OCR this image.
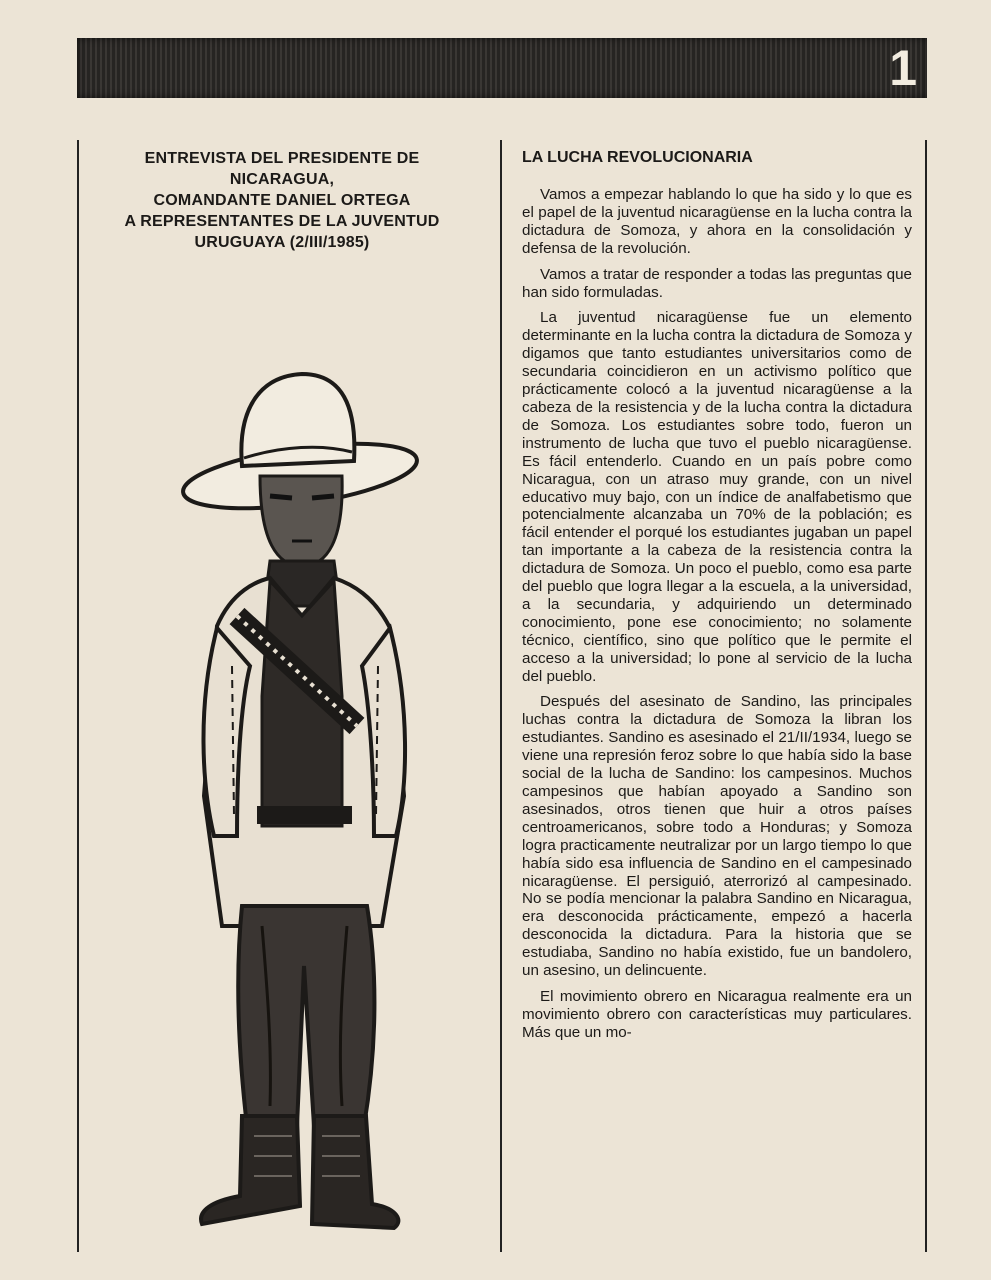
1
ENTREVISTA DEL PRESIDENTE DE
NICARAGUA,
COMANDANTE DANIEL ORTEGA
A REPRESENTANTES DE LA JUVENTUD
URUGUAYA (2/III/1985)
LA LUCHA REVOLUCIONARIA

Vamos a empezar hablando lo que ha sido y lo que es el papel de la juventud nicaragüense en la lucha contra la dictadura de Somoza, y ahora en la consolidación y defensa de la revolución.

Vamos a tratar de responder a todas las preguntas que han sido formuladas.

La juventud nicaragüense fue un elemento determinante en la lucha contra la dictadura de Somoza y digamos que tanto estudiantes universitarios como de secundaria coincidieron en un activismo político que prácticamente colocó a la juventud nicaragüense a la cabeza de la resistencia y de la lucha contra la dictadura de Somoza. Los estudiantes sobre todo, fueron un instrumento de lucha que tuvo el pueblo nicaragüense. Es fácil entenderlo. Cuando en un país pobre como Nicaragua, con un atraso muy grande, con un nivel educativo muy bajo, con un índice de analfabetismo que potencialmente alcanzaba un 70% de la población; es fácil entender el porqué los estudiantes jugaban un papel tan importante a la cabeza de la resistencia contra la dictadura de Somoza. Un poco el pueblo, como esa parte del pueblo que logra llegar a la escuela, a la universidad, a la secundaria, y adquiriendo un determinado conocimiento, pone ese conocimiento; no solamente técnico, científico, sino que político que le permite el acceso a la universidad; lo pone al servicio de la lucha del pueblo.

Después del asesinato de Sandino, las principales luchas contra la dictadura de Somoza la libran los estudiantes. Sandino es asesinado el 21/II/1934, luego se viene una represión feroz sobre lo que había sido la base social de la lucha de Sandino: los campesinos. Muchos campesinos que habían apoyado a Sandino son asesinados, otros tienen que huir a otros países centroamericanos, sobre todo a Honduras; y Somoza logra practicamente neutralizar por un largo tiempo lo que había sido esa influencia de Sandino en el campesinado nicaragüense. El persiguió, aterrorizó al campesinado. No se podía mencionar la palabra Sandino en Nicaragua, era desconocida prácticamente, empezó a hacerla desconocida la dictadura. Para la historia que se estudiaba, Sandino no había existido, fue un bandolero, un asesino, un delincuente.

El movimiento obrero en Nicaragua realmente era un movimiento obrero con características muy particulares. Más que un mo-
